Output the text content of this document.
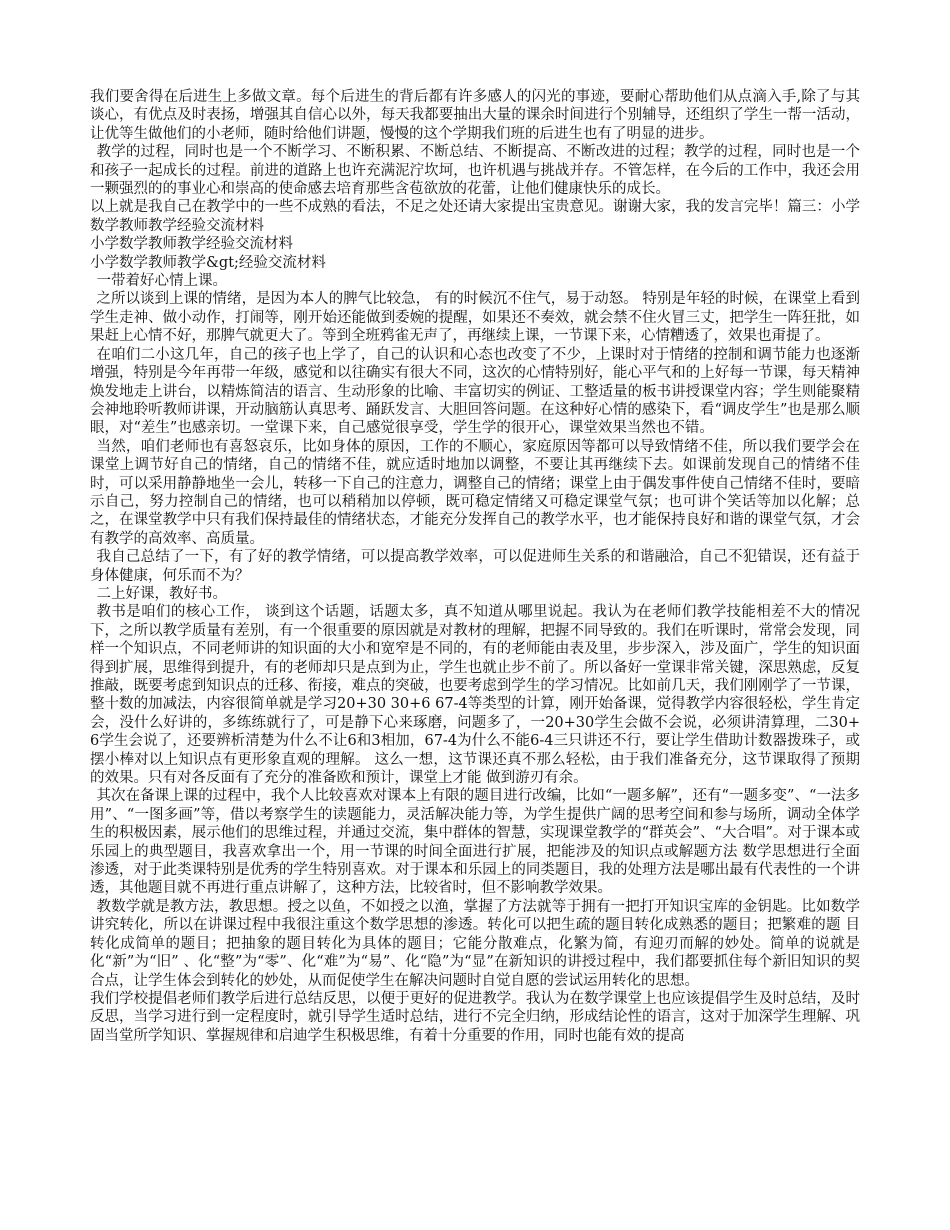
我们要舍得在后进生上多做文章。每个后进生的背后都有许多感人的闪光的事迹，要耐心帮助他们从点滴入手,除了与其谈心，有优点及时表扬，增强其自信心以外，每天我都要抽出大量的课余时间进行个别辅导，还组织了学生一帮一活动，让优等生做他们的小老师，随时给他们讲题，慢慢的这个学期我们班的后进生也有了明显的进步。

教学的过程，同时也是一个不断学习、不断积累、不断总结、不断提高、不断改进的过程；教学的过程，同时也是一个和孩子一起成长的过程。前进的道路上也许充满泥泞坎坷，也许机遇与挑战并存。不管怎样，在今后的工作中，我还会用一颗强烈的的事业心和崇高的使命感去培育那些含苞欲放的花蕾，让他们健康快乐的成长。

以上就是我自己在教学中的一些不成熟的看法，不足之处还请大家提出宝贵意见。谢谢大家，我的发言完毕！篇三：小学数学教师教学经验交流材料

小学数学教师教学经验交流材料

小学数学教师教学&gt;经验交流材料

一带着好心情上课。

之所以谈到上课的情绪，是因为本人的脾气比较急， 有的时候沉不住气，易于动怒。 特别是年轻的时候，在课堂上看到学生走神、做小动作，打闹等，刚开始还能做到委婉的提醒，如果还不奏效，就会禁不住火冒三丈，把学生一阵狂批，如果赶上心情不好，那脾气就更大了。等到全班鸦雀无声了，再继续上课，一节课下来，心情糟透了，效果也甭提了。

在咱们二小这几年，自己的孩子也上学了，自己的认识和心态也改变了不少，上课时对于情绪的控制和调节能力也逐渐增强，特别是今年再带一年级，感觉和以往确实有很大不同，这次的心情特别好，能心平气和的上好每一节课，每天精神焕发地走上讲台，以精炼简洁的语言、生动形象的比喻、丰富切实的例证、工整适量的板书讲授课堂内容；学生则能聚精会神地聆听教师讲课，开动脑筋认真思考、踊跃发言、大胆回答问题。在这种好心情的感染下，看“调皮学生”也是那么顺眼，对“差生”也感亲切。一堂课下来，自己感觉很享受，学生学的很开心，课堂效果当然也不错。

当然，咱们老师也有喜怒哀乐，比如身体的原因，工作的不顺心，家庭原因等都可以导致情绪不佳，所以我们要学会在课堂上调节好自己的情绪，自己的情绪不佳，就应适时地加以调整，不要让其再继续下去。如课前发现自己的情绪不佳时，可以采用静静地坐一会儿，转移一下自己的注意力，调整自己的情绪；课堂上由于偶发事件使自己情绪不佳时，要暗示自己，努力控制自己的情绪，也可以稍稍加以停顿，既可稳定情绪又可稳定课堂气氛；也可讲个笑话等加以化解；总之，在课堂教学中只有我们保持最佳的情绪状态，才能充分发挥自己的教学水平，也才能保持良好和谐的课堂气氛，才会有教学的高效率、高质量。

我自己总结了一下，有了好的教学情绪，可以提高教学效率，可以促进师生关系的和谐融洽，自己不犯错误，还有益于身体健康，何乐而不为？

二上好课，教好书。

教书是咱们的核心工作， 谈到这个话题，话题太多，真不知道从哪里说起。我认为在老师们教学技能相差不大的情况下，之所以教学质量有差别，有一个很重要的原因就是对教材的理解，把握不同导致的。我们在听课时，常常会发现，同样一个知识点，不同老师讲的知识面的大小和宽窄是不同的，有的老师能由表及里，步步深入，涉及面广，学生的知识面得到扩展，思维得到提升，有的老师却只是点到为止，学生也就止步不前了。所以备好一堂课非常关键，深思熟虑，反复推敲，既要考虑到知识点的迁移、衔接，难点的突破，也要考虑到学生的学习情况。比如前几天，我们刚刚学了一节课，整十数的加减法，内容很简单就是学习20+30 30+6 67-4等类型的计算，刚开始备课，觉得教学内容很轻松，学生肯定会，没什么好讲的，多练练就行了，可是静下心来琢磨，问题多了，一20+30学生会做不会说，必须讲清算理，二30+6学生会说了，还要辨析清楚为什么不让6和3相加，67-4为什么不能6-4三只讲还不行，要让学生借助计数器拨珠子，或摆小棒对以上知识点有更形象直观的理解。 这么一想，这节课还真不那么轻松，由于我们准备充分，这节课取得了预期的效果。只有对各反面有了充分的准备欧和预计，课堂上才能 做到游刃有余。

其次在备课上课的过程中，我个人比较喜欢对课本上有限的题目进行改编，比如“一题多解”，还有“一题多变”、“一法多用”、“一图多画”等，借以考察学生的读题能力，灵活解决能力等，为学生提供广阔的思考空间和参与场所，调动全体学生的积极因素，展示他们的思维过程，并通过交流，集中群体的智慧，实现课堂教学的“群英会”、“大合唱”。对于课本或乐园上的典型题目，我喜欢拿出一个，用一节课的时间全面进行扩展，把能涉及的知识点或解题方法 数学思想进行全面渗透，对于此类课特别是优秀的学生特别喜欢。对于课本和乐园上的同类题目，我的处理方法是哪出最有代表性的一个讲透，其他题目就不再进行重点讲解了，这种方法，比较省时，但不影响教学效果。

教数学就是教方法，教思想。授之以鱼，不如授之以渔，掌握了方法就等于拥有一把打开知识宝库的金钥匙。比如数学讲究转化，所以在讲课过程中我很注重这个数学思想的渗透。转化可以把生疏的题目转化成熟悉的题目；把繁难的题 目转化成简单的题目；把抽象的题目转化为具体的题目；它能分散难点，化繁为简，有迎刃而解的妙处。简单的说就是化“新”为“旧” 、化“整”为“零”、化“难”为“易”、化“隐”为“显”在新知识的讲授过程中，我们都要抓住每个新旧知识的契合点，让学生体会到转化的妙处，从而促使学生在解决问题时自觉自愿的尝试运用转化的思想。

我们学校提倡老师们教学后进行总结反思，以便于更好的促进教学。我认为在数学课堂上也应该提倡学生及时总结，及时反思，当学习进行到一定程度时，就引导学生适时总结，进行不完全归纳，形成结论性的语言，这对于加深学生理解、巩固当堂所学知识、掌握规律和启迪学生积极思维，有着十分重要的作用，同时也能有效的提高
